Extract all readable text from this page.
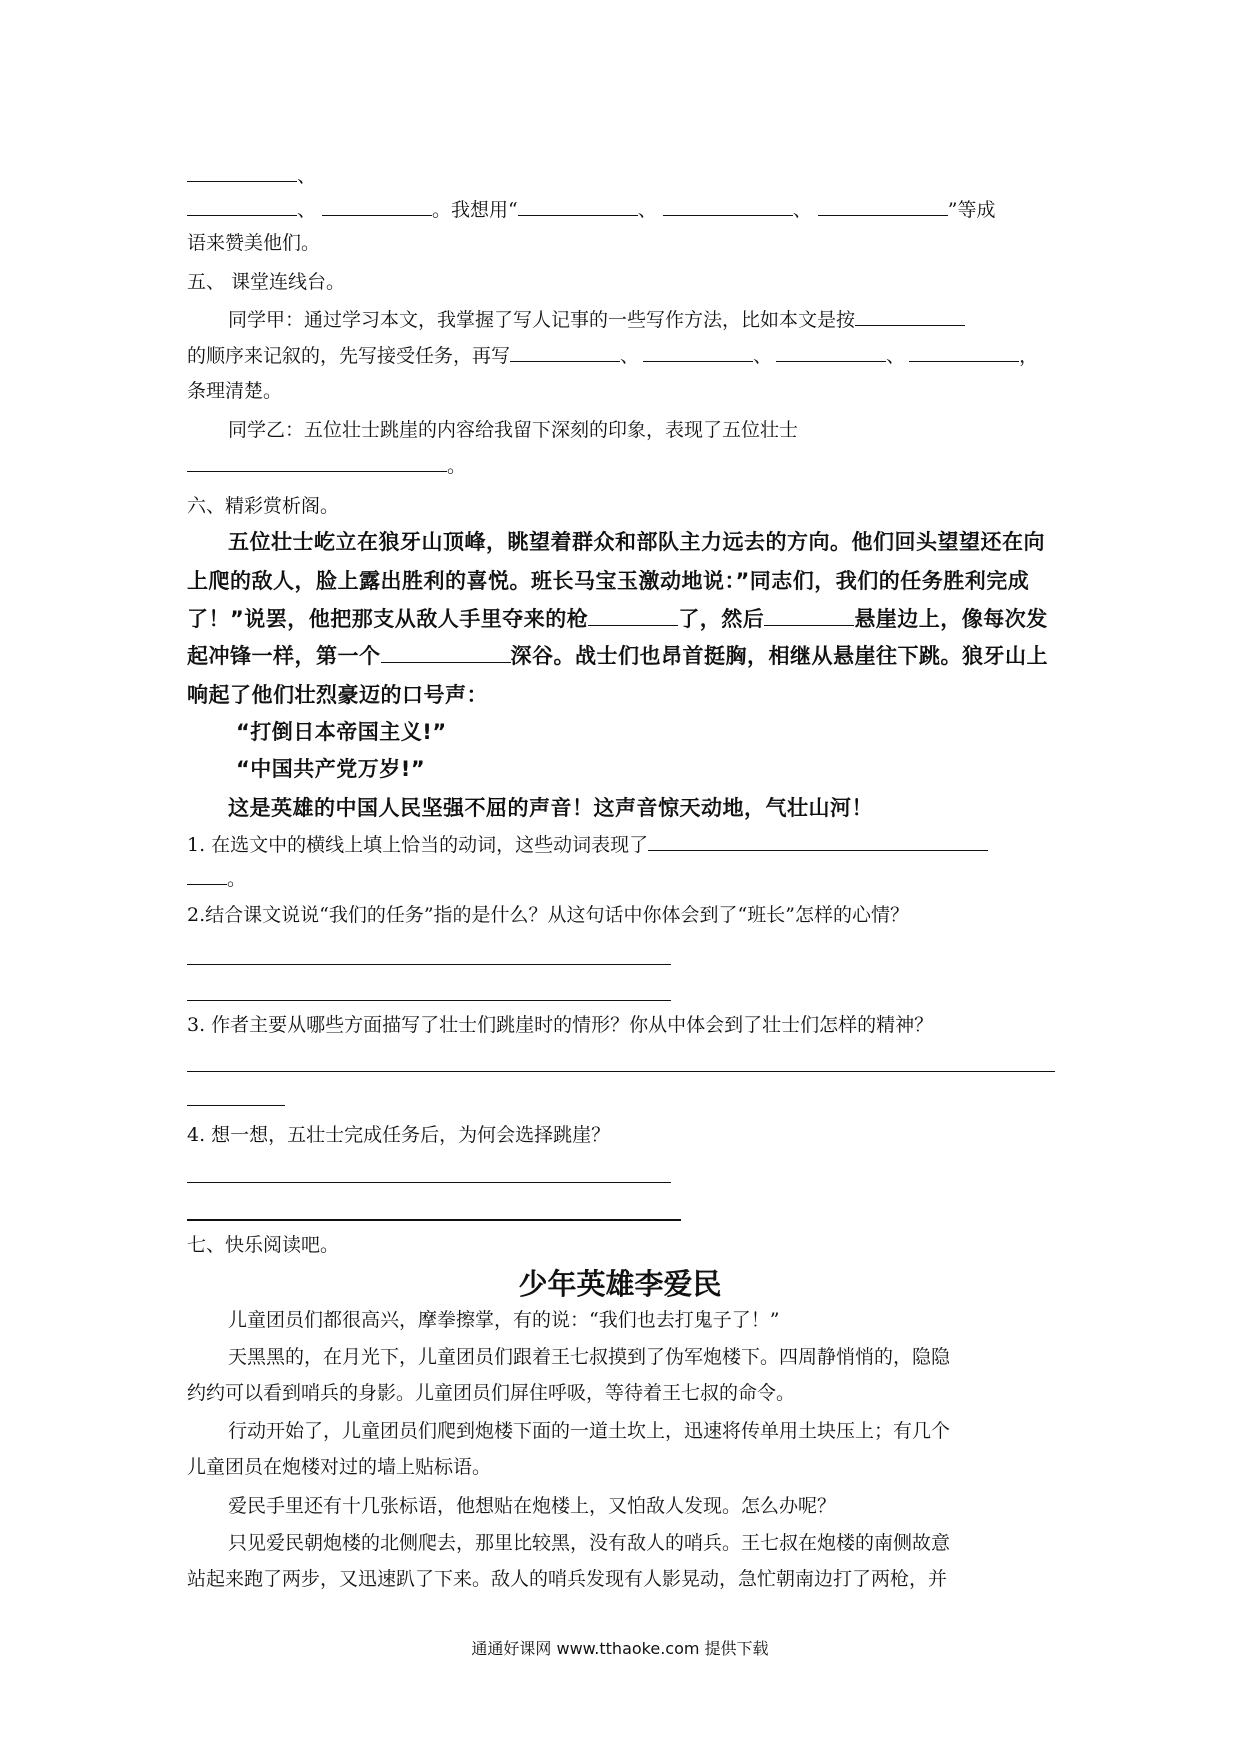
、
、	。我想用“	、	、	”等成
语来赞美他们。
五、 课堂连线台。
同学甲：通过学习本文，我掌握了写人记事的一些写作方法，比如本文是按
的顺序来记叙的，先写接受任务，再写	、	、	、	，
条理清楚。
同学乙：五位壮士跳崖的内容给我留下深刻的印象，表现了五位壮士
。
六、精彩赏析阁。
五位壮士屹立在狼牙山顶峰，眺望着群众和部队主力远去的方向。他们回头望望还在向
上爬的敌人，脸上露出胜利的喜悦。班长马宝玉激动地说：”同志们，我们的任务胜利完成
了！”说罢，他把那支从敌人手里夺来的枪	了，然后	悬崖边上，像每次发
起冲锋一样，第一个	深谷。战士们也昂首挺胸，相继从悬崖往下跳。狼牙山上
响起了他们壮烈豪迈的口号声：
“打倒日本帝国主义!”
“中国共产党万岁!”
这是英雄的中国人民坚强不屈的声音！这声音惊天动地，气壮山河！
1. 在选文中的横线上填上恰当的动词，这些动词表现了
。
2.结合课文说说“我们的任务”指的是什么？从这句话中你体会到了“班长”怎样的心情？
3. 作者主要从哪些方面描写了壮士们跳崖时的情形？你从中体会到了壮士们怎样的精神？
4. 想一想，五壮士完成任务后，为何会选择跳崖？
七、快乐阅读吧。
少年英雄李爱民
儿童团员们都很高兴，摩拳擦掌，有的说：“我们也去打鬼子了！”
天黑黑的，在月光下，儿童团员们跟着王七叔摸到了伪军炮楼下。四周静悄悄的，隐隐
约约可以看到哨兵的身影。儿童团员们屏住呼吸，等待着王七叔的命令。
行动开始了，儿童团员们爬到炮楼下面的一道土坎上，迅速将传单用土块压上；有几个
儿童团员在炮楼对过的墙上贴标语。
爱民手里还有十几张标语，他想贴在炮楼上，又怕敌人发现。怎么办呢？
只见爱民朝炮楼的北侧爬去，那里比较黑，没有敌人的哨兵。王七叔在炮楼的南侧故意
站起来跑了两步，又迅速趴了下来。敌人的哨兵发现有人影晃动，急忙朝南边打了两枪，并
通通好课网 www.tthaoke.com 提供下载
